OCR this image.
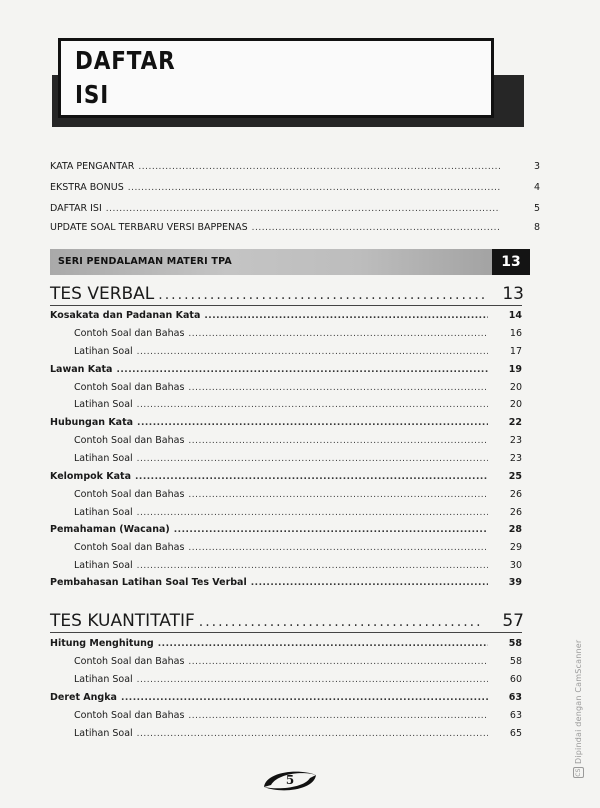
DAFTAR
ISI
KATA PENGANTAR .....	3
EKSTRA BONUS .....	4
DAFTAR ISI .....	5
UPDATE SOAL TERBARU VERSI BAPPENAS .....	8
SERI PENDALAMAN MATERI TPA	13
TES VERBAL .....	13
Kosakata dan Padanan Kata .....	14
Contoh Soal dan Bahas .....	16
Latihan Soal .....	17
Lawan Kata .....	19
Contoh Soal dan Bahas .....	20
Latihan Soal .....	20
Hubungan Kata .....	22
Contoh Soal dan Bahas .....	23
Latihan Soal .....	23
Kelompok Kata .....	25
Contoh Soal dan Bahas .....	26
Latihan Soal .....	26
Pemahaman (Wacana) .....	28
Contoh Soal dan Bahas .....	29
Latihan Soal .....	30
Pembahasan Latihan Soal Tes Verbal .....	39
TES KUANTITATIF .....	57
Hitung Menghitung .....	58
Contoh Soal dan Bahas .....	58
Latihan Soal .....	60
Deret Angka .....	63
Contoh Soal dan Bahas .....	63
Latihan Soal .....	65
5
CSDipindai dengan CamScanner
